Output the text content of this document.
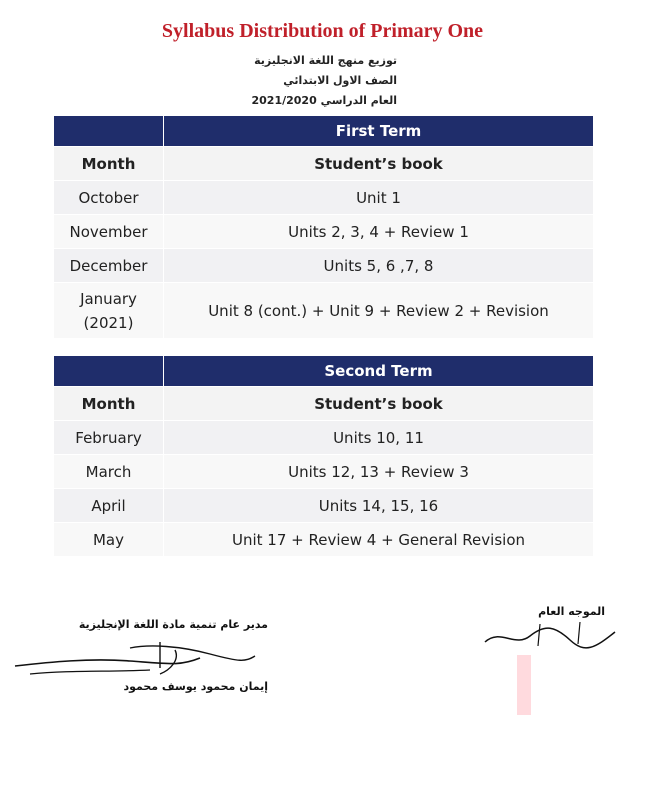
Syllabus Distribution of Primary One
توزيع منهج اللغة الانجليزية
الصف الاول الابتدائي
العام الدراسي 2021/2020
	First Term
Month	Student’s book
October	Unit 1
November	Units 2, 3, 4 + Review 1
December	Units 5, 6 ,7, 8

January
(2021)	Unit 8 (cont.) + Unit 9 + Review 2 + Revision
	Second Term
Month	Student’s book
February	Units 10, 11
March	Units 12, 13 + Review 3
April	Units 14, 15, 16
May	Unit 17 + Review 4 + General Revision
مدير عام تنمية مادة اللغة الإنجليزية
إيمان محمود يوسف محمود
الموجه العام
